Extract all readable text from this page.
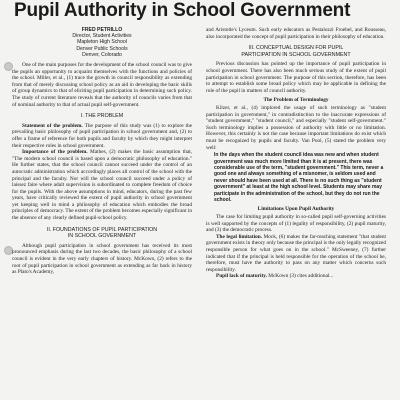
Pupil Authority in School Government
FRED PETRILLO
Director, Student Activities
Mapleton High School
Denver Public Schools
Denver, Colorado

One of the main purposes for the development of the school council was to give the pupils an opportunity to acquaint themselves with the functions and policies of the school. Miller, et al., (1) trace the growth in council responsibility as extending from that of merely discussing school policy as an aid in developing the basic skills of group dynamics to that of eliciting pupil participation in determining such policy. The study of current literature reveals that the authority of councils varies from that of nominal authority to that of actual pupil self-government.

I. THE PROBLEM

Statement of the problem. The purpose of this study was (1) to explore the prevailing basic philosophy of pupil participation in school government and, (2) to offer a frame of reference for both pupils and faculty by which they might interpret their respective roles in school government.

Importance of the problem. Mathes, (2) makes the basic assumption that, "The modern school council is based upon a democratic philosophy of education." He further states, that the school council cannot succeed under the control of an autocratic administration which accordingly places all control of the school with the principal and the faculty. Nor will the school council succeed under a policy of laissez faire where adult supervision is subordinated to complete freedom of choice for the pupils. With the above assumptions in mind, educators, during the past few years, have critically reviewed the extent of pupil authority in school government yet keeping well in mind a philosophy of education which embodies the broad principles of democracy. The extent of the problem becomes especially significant in the absence of any clearly defined pupil-school policy.

II. FOUNDATIONS OF PUPIL PARTICIPATION
IN SCHOOL GOVERNMENT

Although pupil participation in school government has received its most pronounced emphasis during the last two decades, the basic philosophy of a school council is evident in the very early chapters of history. McKown, (2) refers to the root of pupil participation in school government as extending as far back in history as Plato's Academy,

and Aristotle's Lyceum. Such early educators as Pestalozzi Froebel, and Rousseau, also incorporated the concept of pupil participation in their philosophy of education.

III. CONCEPTUAL DESIGN FOR PUPIL
PARTICIPATION IN SCHOOL GOVERNMENT

Previous discussion has pointed up the importance of pupil participation in school government. There has also been much serious study of the extent of pupil participation in school government. The purpose of this section, therefore, has been to attempt to establish some broad policy which may be applicable in defining the role of the pupil in matters of council authority.

The Problem of Terminology

Kilzer, et al., (4) implored the usage of such terminology as "student participation in government," in contradistinction to the inaccurate expressions of "student government," "student council," and especially "student self-government." Such terminology implies a possession of authority with little or no limitation. However, this certainly is not the case because important limitations do exist which must be recognized by pupils and faculty. Van Pool, (5) stated the problem very well:

In the days when the student council idea was new and when student government was much more limited than it is at present, there was considerable use of the term, "student government." This term, never a good one and always something of a misnomer, is seldom used and never should have been used at all. There is no such thing as "student government" at least at the high school level. Students may share may participate in the administration of the school, but they do not run the school.
Limitations Upon Pupil Authority

The case for limiting pupil authority in so-called pupil self-governing activities is well supported by the concepts of (1) legality of responsibility, (2) pupil maturity, and (3) the democratic process.

The legal limitation. Mock, (6) makes the far-reaching statement "that student government exists in theory only because the principal is the only legally recognized responsible person for what goes on in the school." McSweeney, (7) further indicated that if the principal is held responsible for the operation of the school he, therefore, must have the authority to pass on any matter which concerns such responsibility.

Pupil lack of maturity. McKown (3) cites additional...
